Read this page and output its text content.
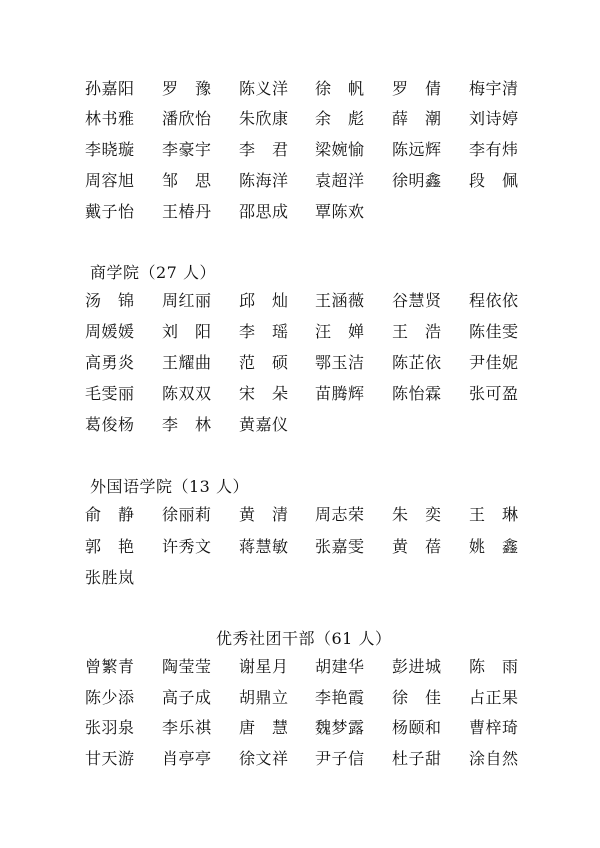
孙嘉阳 罗　豫 陈义洋 徐　帆 罗　倩 梅宇清
林书雅 潘欣怡 朱欣康 余　彪 薛　潮 刘诗婷
李晓璇 李豪宇 李　君 梁婉愉 陈远辉 李有炜
周容旭 邹　思 陈海洋 袁超洋 徐明鑫 段　佩
戴子怡 王椿丹 邵思成 覃陈欢
商学院（27 人）
汤　锦 周红丽 邱　灿 王涵薇 谷慧贤 程依依
周媛媛 刘　阳 李　瑶 汪　婵 王　浩 陈佳雯
高勇炎 王耀曲 范　硕 鄂玉洁 陈芷依 尹佳妮
毛雯丽 陈双双 宋　朵 苗腾辉 陈怡霖 张可盈
葛俊杨 李　林 黄嘉仪
外国语学院（13 人）
俞　静 徐丽莉 黄　清 周志荣 朱　奕 王　琳
郭　艳 许秀文 蒋慧敏 张嘉雯 黄　蓓 姚　鑫
张胜岚
优秀社团干部（61 人）
曾繁青 陶莹莹 谢星月 胡建华 彭进城 陈　雨
陈少添 高子成 胡鼎立 李艳霞 徐　佳 占正果
张羽泉 李乐祺 唐　慧 魏梦露 杨颐和 曹梓琦
甘天游 肖亭亭 徐文祥 尹子信 杜子甜 涂自然
